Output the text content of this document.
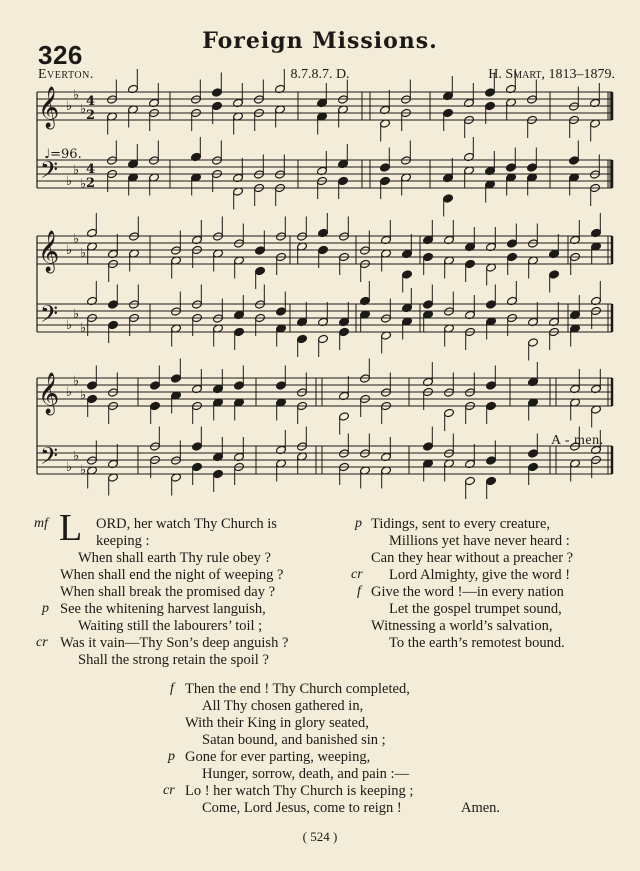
326	Foreign Missions.
Everton.	8.7.8.7. D.	H. Smart, 1813–1879.
𝄞 ♭
♭
♭
4
2
𝄢 ♭
♭
♭
4
2
𝄞 ♭
♭
♭
𝄢 ♭
♭
♭
𝄞 ♭
♭
♭
𝄢 ♭
♭
♭
♩=96.
A - men.
mf L ORD, her watch Thy Church is
keeping :
When shall earth Thy rule obey ?
When shall end the night of weeping ?
When shall break the promised day ?
p See the whitening harvest languish,
Waiting still the labourers’ toil ;
cr Was it vain—Thy Son’s deep anguish ?
Shall the strong retain the spoil ?
p Tidings, sent to every creature,
Millions yet have never heard :
Can they hear without a preacher ?
cr Lord Almighty, give the word !
f Give the word !—in every nation
Let the gospel trumpet sound,
Witnessing a world’s salvation,
To the earth’s remotest bound.
f Then the end ! Thy Church completed,
All Thy chosen gathered in,
With their King in glory seated,
Satan bound, and banished sin ;
p Gone for ever parting, weeping,
Hunger, sorrow, death, and pain :—
cr Lo ! her watch Thy Church is keeping ;
Come, Lord Jesus, come to reign !	Amen.
( 524 )
